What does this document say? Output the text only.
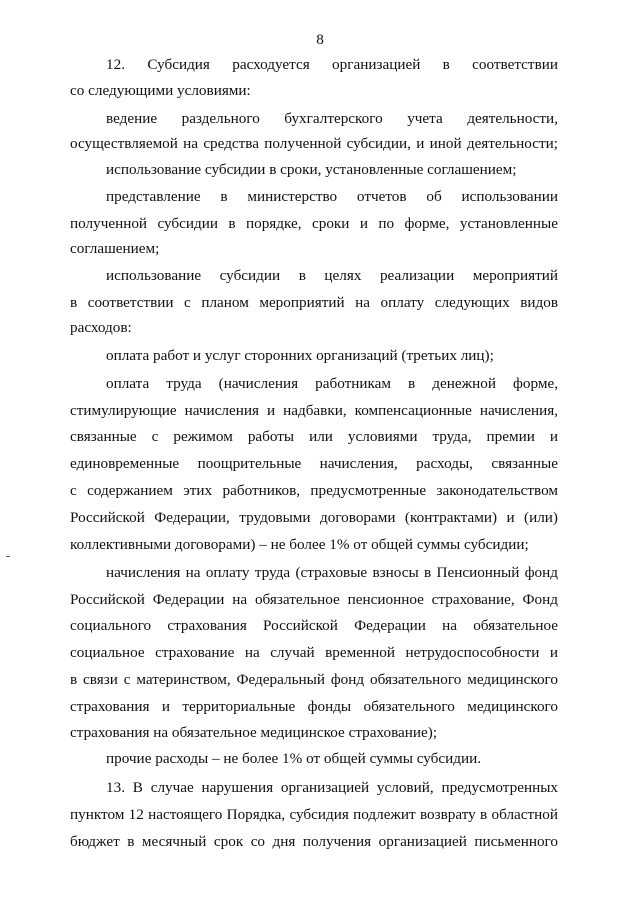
8
12. Субсидия расходуется организацией в соответствии
со следующими условиями:
ведение раздельного бухгалтерского учета деятельности,
осуществляемой на средства полученной субсидии, и иной деятельности;
использование субсидии в сроки, установленные соглашением;
представление в министерство отчетов об использовании
полученной субсидии в порядке, сроки и по форме, установленные
соглашением;
использование субсидии в целях реализации мероприятий
в соответствии с планом мероприятий на оплату следующих видов
расходов:
оплата работ и услуг сторонних организаций (третьих лиц);
оплата труда (начисления работникам в денежной форме,
стимулирующие начисления и надбавки, компенсационные начисления,
связанные с режимом работы или условиями труда, премии и
единовременные поощрительные начисления, расходы, связанные
с содержанием этих работников, предусмотренные законодательством
Российской Федерации, трудовыми договорами (контрактами) и (или)
коллективными договорами) – не более 1% от общей суммы субсидии;
начисления на оплату труда (страховые взносы в Пенсионный фонд
Российской Федерации на обязательное пенсионное страхование, Фонд
социального страхования Российской Федерации на обязательное
социальное страхование на случай временной нетрудоспособности и
в связи с материнством, Федеральный фонд обязательного медицинского
страхования и территориальные фонды обязательного медицинского
страхования на обязательное медицинское страхование);
прочие расходы – не более 1% от общей суммы субсидии.
13. В случае нарушения организацией условий, предусмотренных
пунктом 12 настоящего Порядка, субсидия подлежит возврату в областной
бюджет в месячный срок со дня получения организацией письменного
